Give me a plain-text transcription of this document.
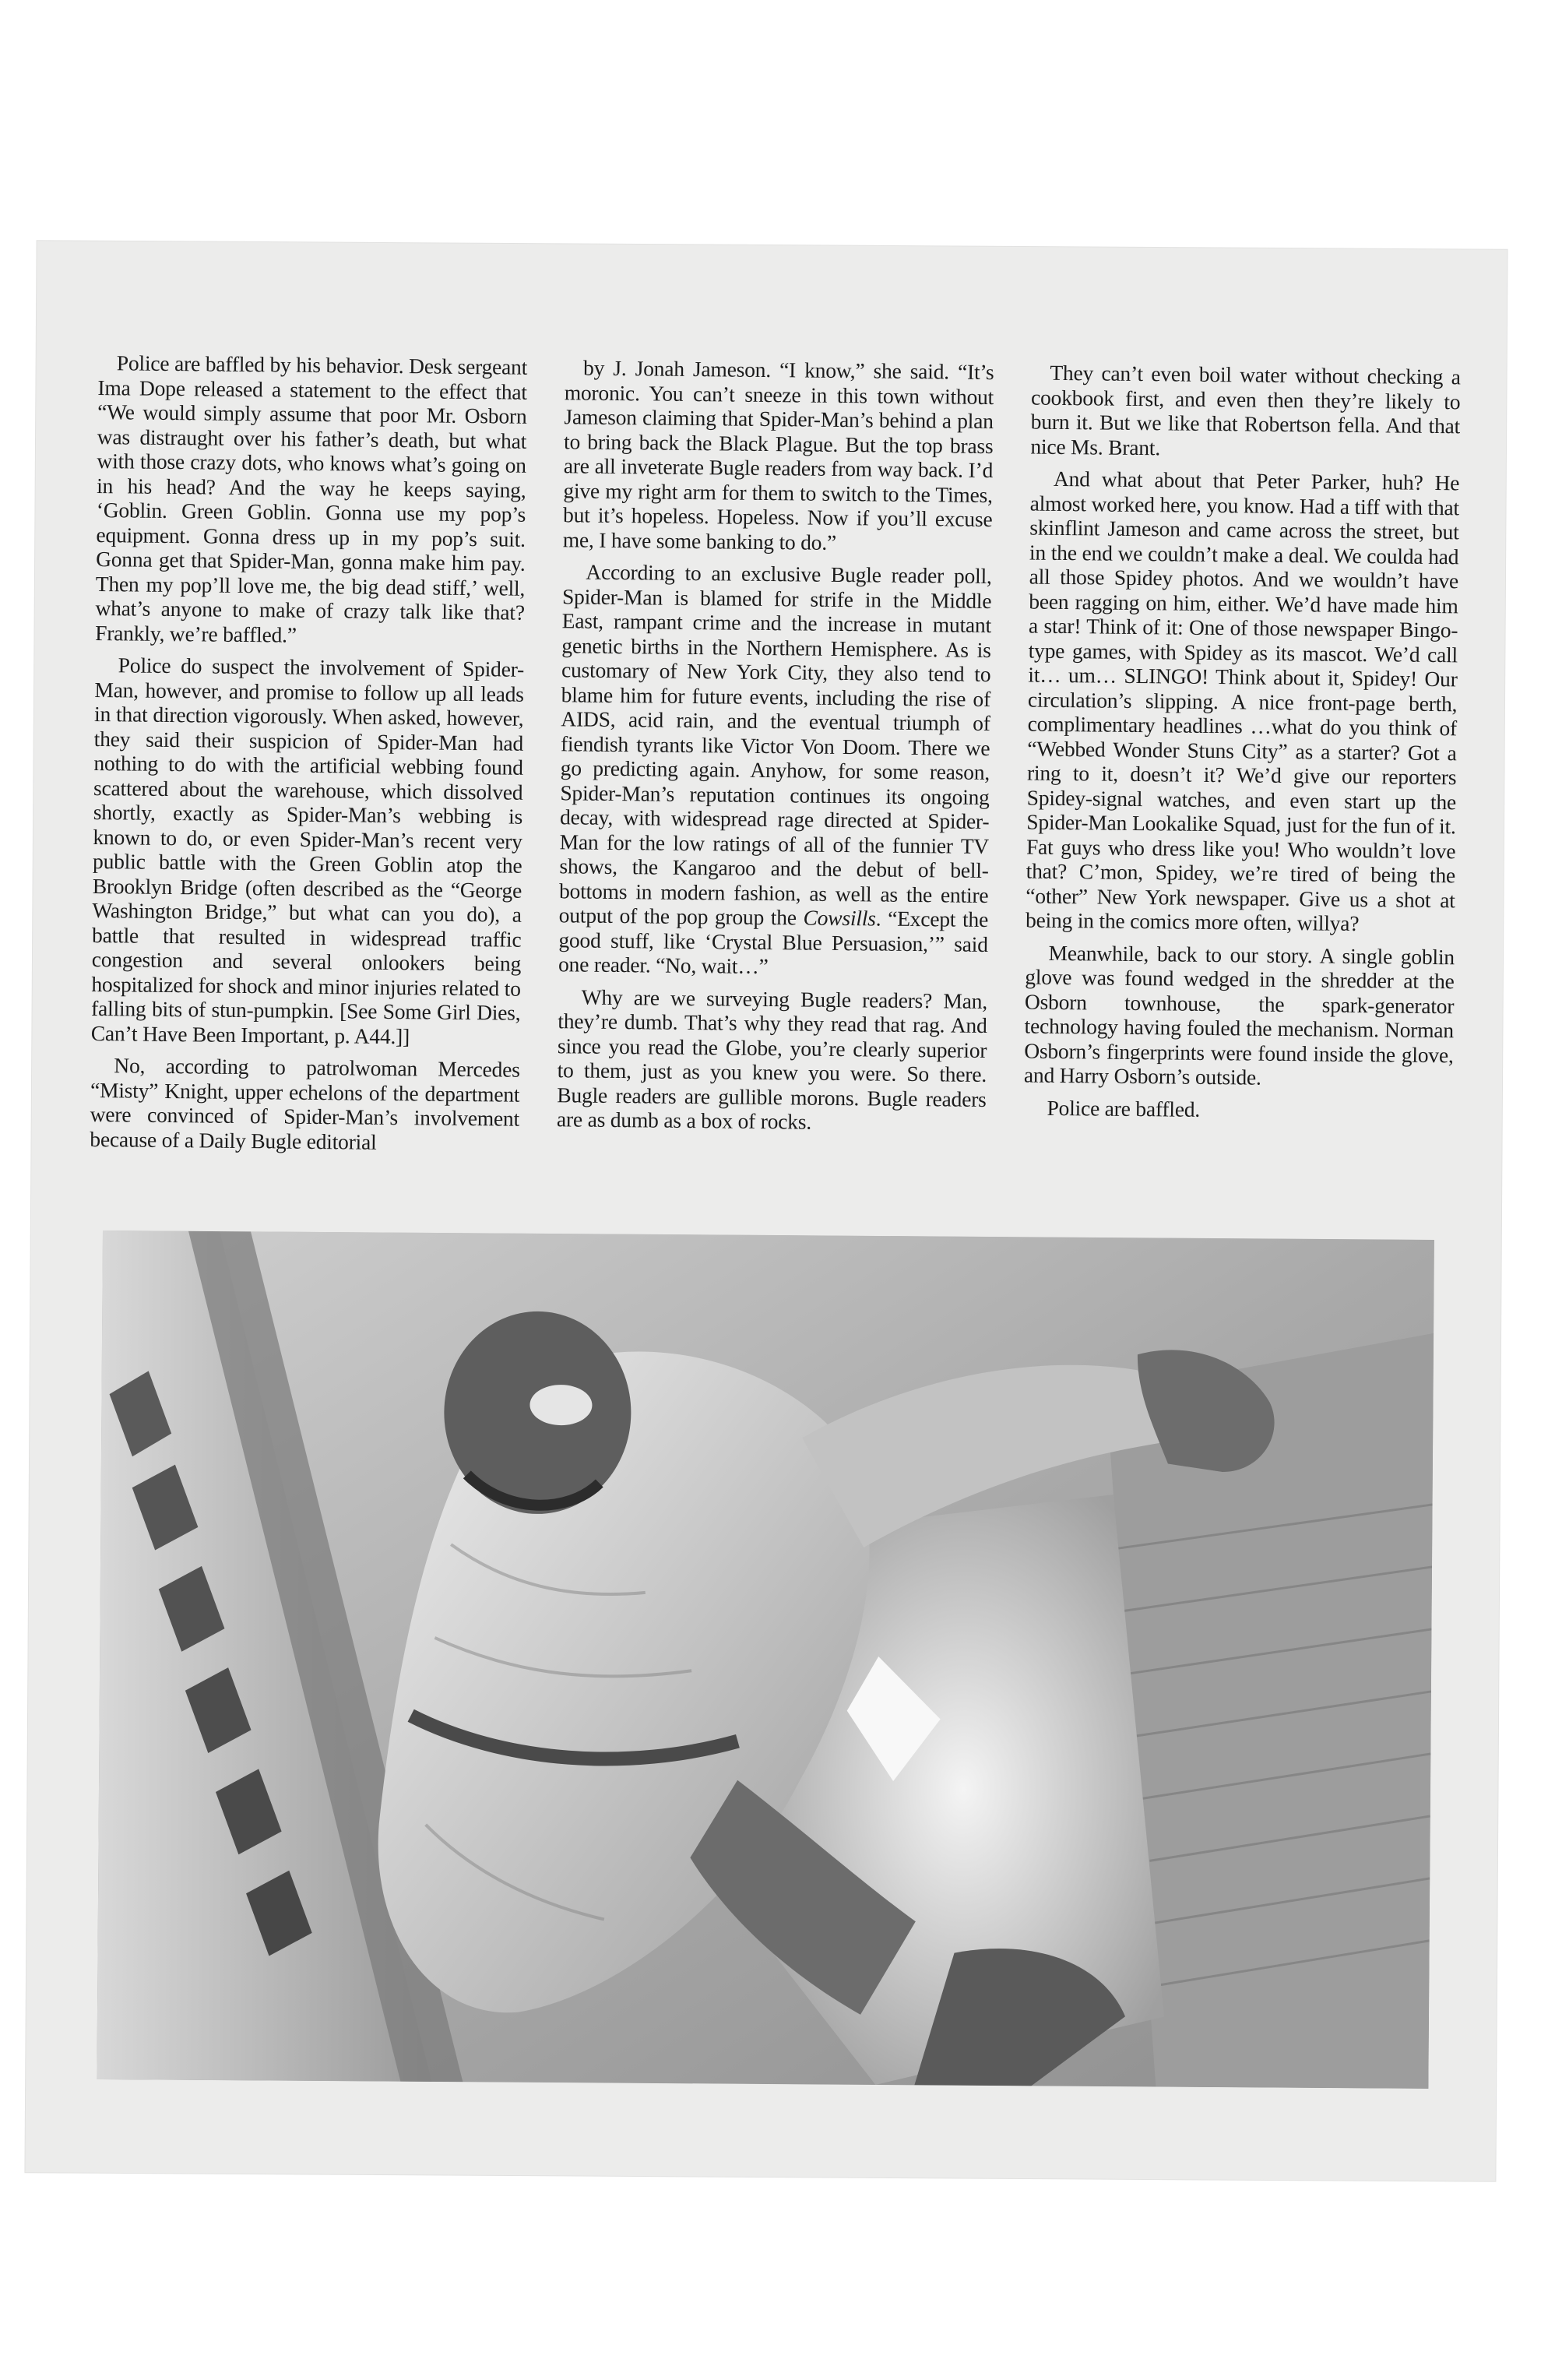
Police are baffled by his behavior. Desk sergeant Ima Dope released a statement to the effect that “We would simply assume that poor Mr. Osborn was distraught over his father’s death, but what with those crazy dots, who knows what’s going on in his head? And the way he keeps saying, ‘Goblin. Green Goblin. Gonna use my pop’s equipment. Gonna dress up in my pop’s suit. Gonna get that Spider-Man, gonna make him pay. Then my pop’ll love me, the big dead stiff,’ well, what’s anyone to make of crazy talk like that? Frankly, we’re baffled.”

Police do suspect the involvement of Spider-Man, however, and promise to follow up all leads in that direction vigorously. When asked, however, they said their suspicion of Spider-Man had nothing to do with the artificial webbing found scattered about the warehouse, which dissolved shortly, exactly as Spider-Man’s webbing is known to do, or even Spider-Man’s recent very public battle with the Green Goblin atop the Brooklyn Bridge (often described as the “George Washington Bridge,” but what can you do), a battle that resulted in widespread traffic congestion and several onlookers being hospitalized for shock and minor injuries related to falling bits of stun-pumpkin. [See Some Girl Dies, Can’t Have Been Important, p. A44.]]

No, according to patrolwoman Mercedes “Misty” Knight, upper echelons of the department were convinced of Spider-Man’s involvement because of a Daily Bugle editorial

by J. Jonah Jameson. “I know,” she said. “It’s moronic. You can’t sneeze in this town without Jameson claiming that Spider-Man’s behind a plan to bring back the Black Plague. But the top brass are all inveterate Bugle readers from way back. I’d give my right arm for them to switch to the Times, but it’s hopeless. Hopeless. Now if you’ll excuse me, I have some banking to do.”

According to an exclusive Bugle reader poll, Spider-Man is blamed for strife in the Middle East, rampant crime and the increase in mutant genetic births in the Northern Hemisphere. As is customary of New York City, they also tend to blame him for future events, including the rise of AIDS, acid rain, and the eventual triumph of fiendish tyrants like Victor Von Doom. There we go predicting again. Anyhow, for some reason, Spider-Man’s reputation continues its ongoing decay, with widespread rage directed at Spider-Man for the low ratings of all of the funnier TV shows, the Kangaroo and the debut of bell-bottoms in modern fashion, as well as the entire output of the pop group the Cowsills. “Except the good stuff, like ‘Crystal Blue Persuasion,’” said one reader. “No, wait…”

Why are we surveying Bugle readers? Man, they’re dumb. That’s why they read that rag. And since you read the Globe, you’re clearly superior to them, just as you knew you were. So there. Bugle readers are gullible morons. Bugle readers are as dumb as a box of rocks.

They can’t even boil water without checking a cookbook first, and even then they’re likely to burn it. But we like that Robertson fella. And that nice Ms. Brant.

And what about that Peter Parker, huh? He almost worked here, you know. Had a tiff with that skinflint Jameson and came across the street, but in the end we couldn’t make a deal. We coulda had all those Spidey photos. And we wouldn’t have been ragging on him, either. We’d have made him a star! Think of it: One of those newspaper Bingo-type games, with Spidey as its mascot. We’d call it… um… SLINGO! Think about it, Spidey! Our circulation’s slipping. A nice front-page berth, complimentary headlines …what do you think of “Webbed Wonder Stuns City” as a starter? Got a ring to it, doesn’t it? We’d give our reporters Spidey-signal watches, and even start up the Spider-Man Lookalike Squad, just for the fun of it. Fat guys who dress like you! Who wouldn’t love that? C’mon, Spidey, we’re tired of being the “other” New York newspaper. Give us a shot at being in the comics more often, willya?

Meanwhile, back to our story. A single goblin glove was found wedged in the shredder at the Osborn townhouse, the spark-generator technology having fouled the mechanism. Norman Osborn’s fingerprints were found inside the glove, and Harry Osborn’s outside.

Police are baffled.
